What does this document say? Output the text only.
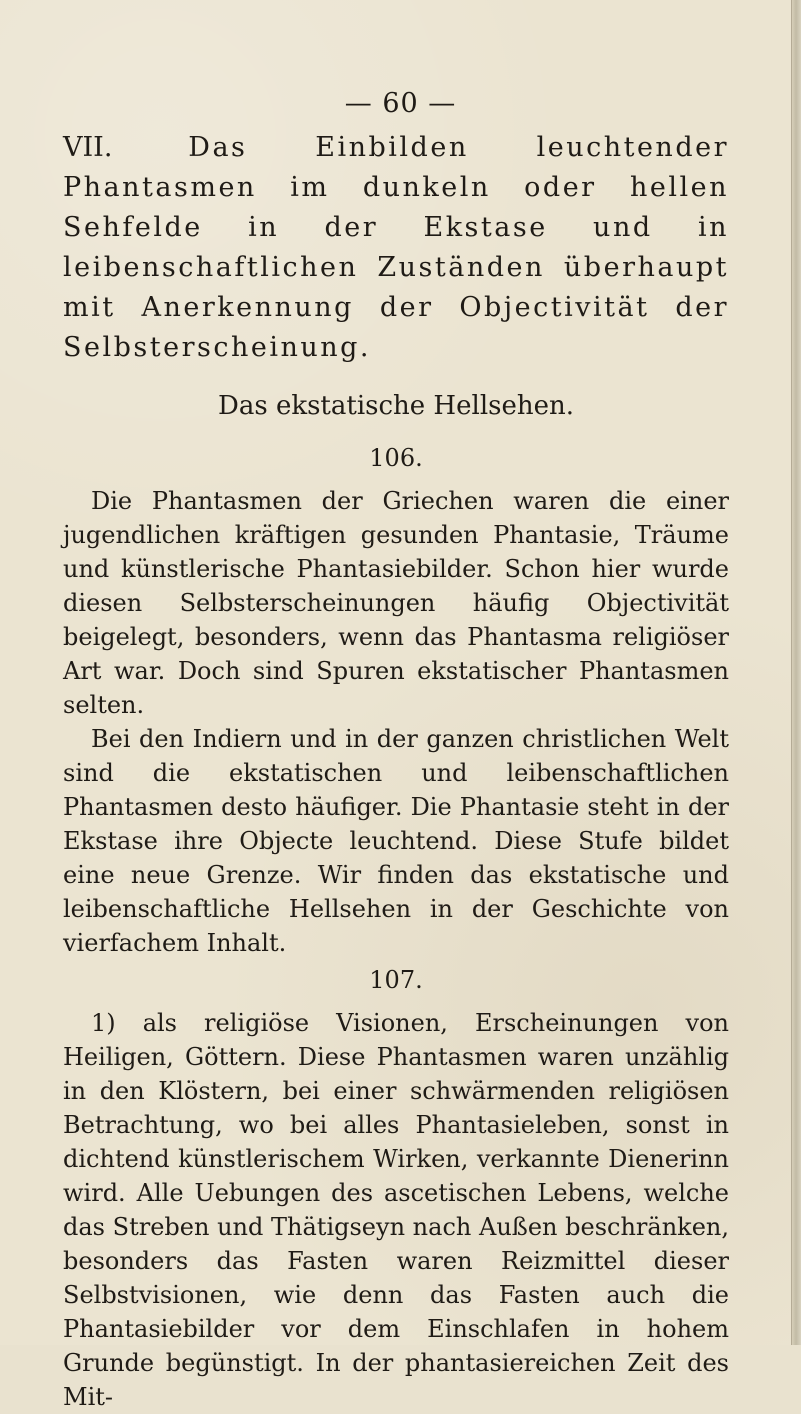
— 60 —
VII.	Das Einbilden leuchtender Phantasmen im dunkeln oder hellen Sehfelde in der Ekstase und in leibenschaftlichen Zuständen überhaupt mit Anerkennung der Objectivität der Selbsterscheinung.
Das ekstatische Hellsehen.
106.

Die Phantasmen der Griechen waren die einer jugendlichen kräftigen gesunden Phantasie, Träume und künstlerische Phantasiebilder. Schon hier wurde diesen Selbsterscheinungen häufig Objectivität beigelegt, besonders, wenn das Phantasma religiöser Art war. Doch sind Spuren ekstatischer Phantasmen selten.

Bei den Indiern und in der ganzen christlichen Welt sind die ekstatischen und leibenschaftlichen Phantasmen desto häufiger. Die Phantasie steht in der Ekstase ihre Objecte leuchtend. Diese Stufe bildet eine neue Grenze. Wir finden das ekstatische und leibenschaftliche Hellsehen in der Geschichte von vierfachem Inhalt.

107.

1) als religiöse Visionen, Erscheinungen von Heiligen, Göttern. Diese Phantasmen waren unzählig in den Klöstern, bei einer schwärmenden religiösen Betrachtung, wo bei alles Phantasieleben, sonst in dichtend künstlerischem Wirken, verkannte Dienerinn wird. Alle Uebungen des ascetischen Lebens, welche das Streben und Thätigseyn nach Außen beschränken, besonders das Fasten waren Reizmittel dieser Selbstvisionen, wie denn das Fasten auch die Phantasiebilder vor dem Einschlafen in hohem Grunde begünstigt. In der phantasiereichen Zeit des Mit-
